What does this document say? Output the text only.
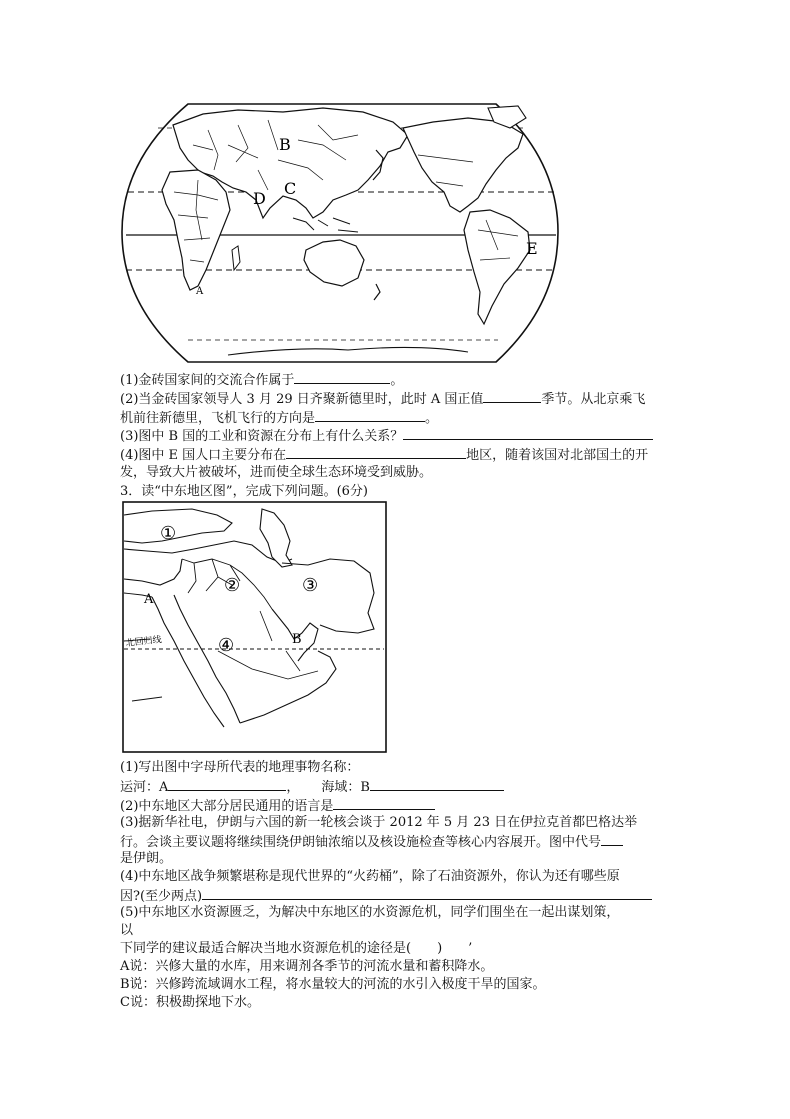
B
C
D
E
A
(1)金砖国家间的交流合作属于	。
(2)当金砖国家领导人 3 月 29 日齐聚新德里时，此时 A 国正值	季节。从北京乘飞
机前往新德里，飞机飞行的方向是	。
(3)图中 B 国的工业和资源在分布上有什么关系？
(4)图中 E 国人口主要分布在	地区，随着该国对北部国土的开
发，导致大片被破坏，进而使全球生态环境受到威胁。
3．读“中东地区图”，完成下列问题。(6分)
①
②	③
④
A
B
北回归线
(1)写出图中字母所代表的地理事物名称：
运河：A	， 海域：B
(2)中东地区大部分居民通用的语言是
(3)据新华社电，伊朗与六国的新一轮核会谈于 2012 年 5 月 23 日在伊拉克首都巴格达举
行。会谈主要议题将继续围绕伊朗铀浓缩以及核设施检查等核心内容展开。图中代号
是伊朗。
(4)中东地区战争频繁堪称是现代世界的“火药桶”，除了石油资源外，你认为还有哪些原
因?(至少两点)
(5)中东地区水资源匮乏，为解决中东地区的水资源危机，同学们围坐在一起出谋划策，
以
下同学的建议最适合解决当地水资源危机的途径是(　　)　　’
A说：兴修大量的水库，用来调剂各季节的河流水量和蓄积降水。
B说：兴修跨流域调水工程，将水量较大的河流的水引入极度干旱的国家。
C说：积极勘探地下水。
